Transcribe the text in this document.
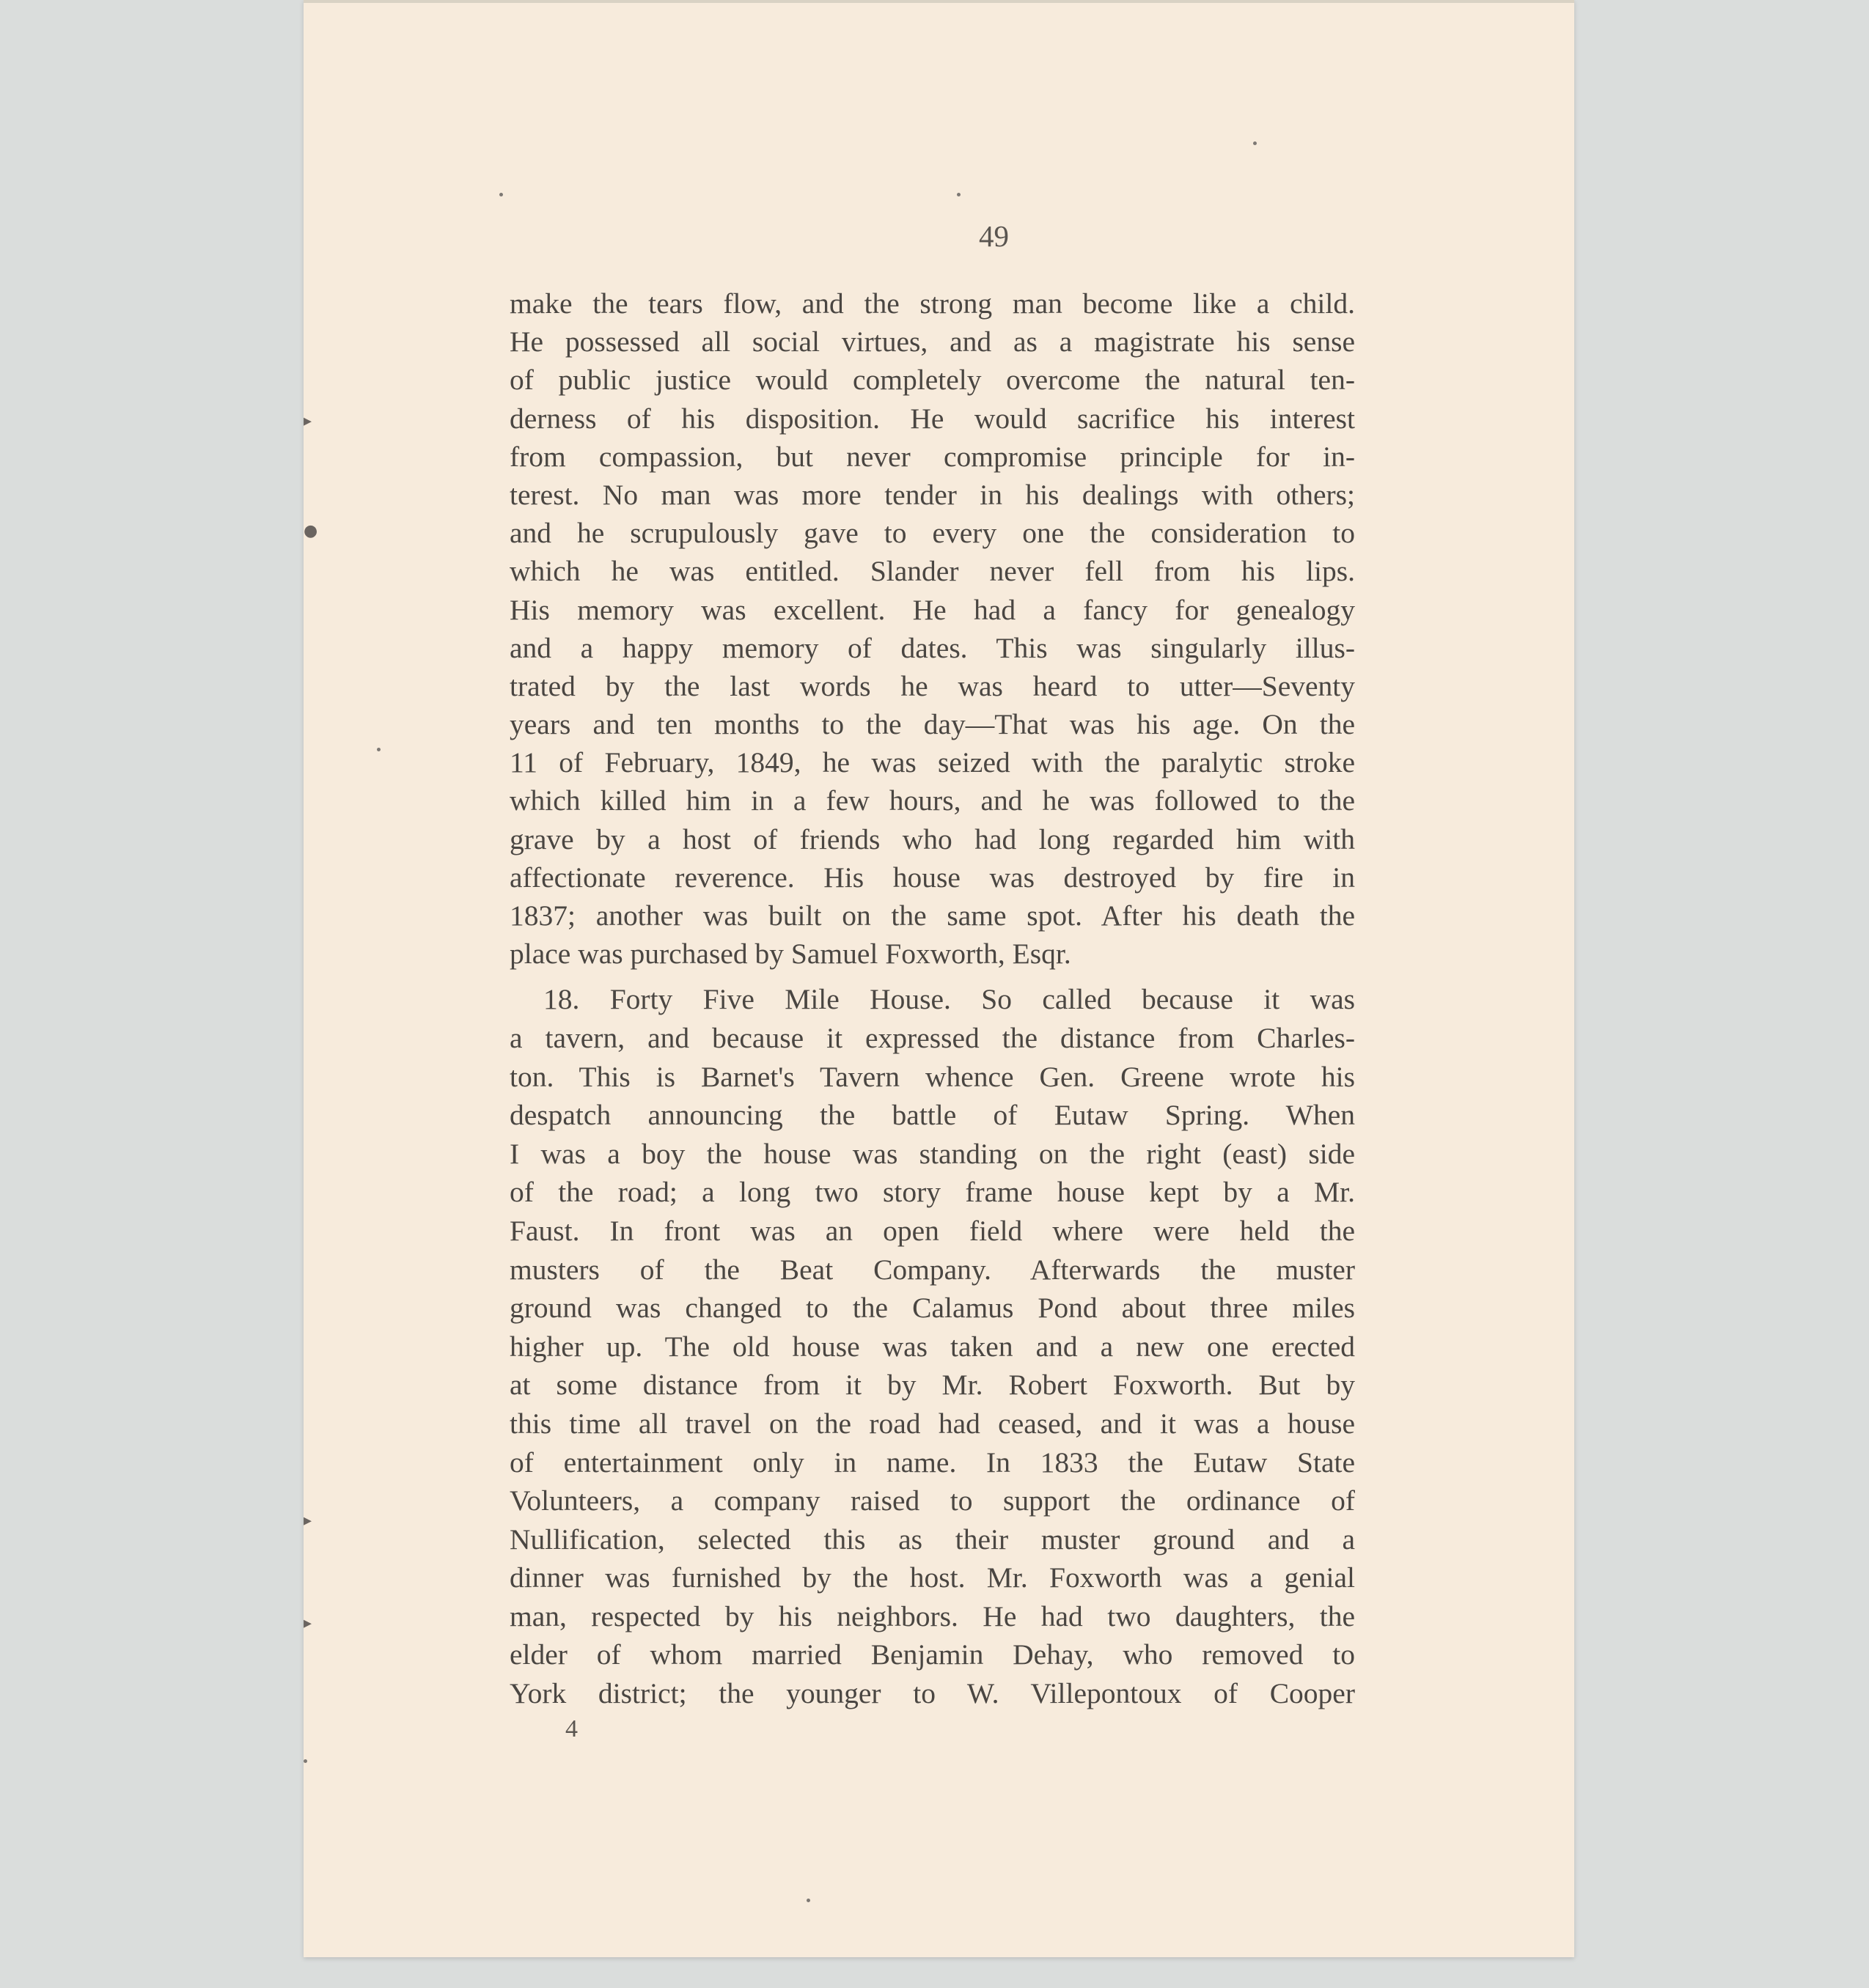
49

make the tears flow, and the strong man become like a child.
He possessed all social virtues, and as a magistrate his sense
of public justice would completely overcome the natural ten-
derness of his disposition. He would sacrifice his interest
from compassion, but never compromise principle for in-
terest. No man was more tender in his dealings with others;
and he scrupulously gave to every one the consideration to
which he was entitled. Slander never fell from his lips.
His memory was excellent. He had a fancy for genealogy
and a happy memory of dates. This was singularly illus-
trated by the last words he was heard to utter—Seventy
years and ten months to the day—That was his age. On the
11 of February, 1849, he was seized with the paralytic stroke
which killed him in a few hours, and he was followed to the
grave by a host of friends who had long regarded him with
affectionate reverence. His house was destroyed by fire in
1837; another was built on the same spot. After his death the
place was purchased by Samuel Foxworth, Esqr.

18. Forty Five Mile House. So called because it was
a tavern, and because it expressed the distance from Charles-
ton. This is Barnet's Tavern whence Gen. Greene wrote his
despatch announcing the battle of Eutaw Spring. When
I was a boy the house was standing on the right (east) side
of the road; a long two story frame house kept by a Mr.
Faust. In front was an open field where were held the
musters of the Beat Company. Afterwards the muster
ground was changed to the Calamus Pond about three miles
higher up. The old house was taken and a new one erected
at some distance from it by Mr. Robert Foxworth. But by
this time all travel on the road had ceased, and it was a house
of entertainment only in name. In 1833 the Eutaw State
Volunteers, a company raised to support the ordinance of
Nullification, selected this as their muster ground and a
dinner was furnished by the host. Mr. Foxworth was a genial
man, respected by his neighbors. He had two daughters, the
elder of whom married Benjamin Dehay, who removed to
York district; the younger to W. Villepontoux of Cooper

4
▸
●
▸
▸
